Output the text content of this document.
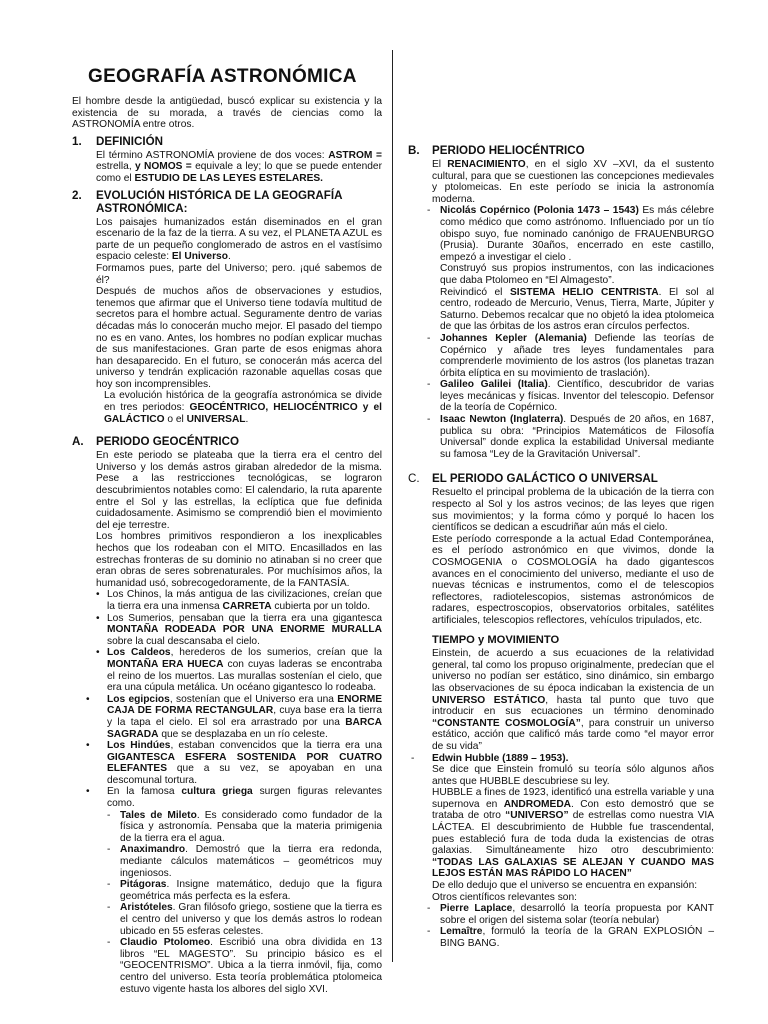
GEOGRAFÍA ASTRONÓMICA

El hombre desde la antigüedad, buscó explicar su existencia y la existencia de su morada, a través de ciencias como la ASTRONOMÍA entre otros.

1.	DEFINICIÓN

El término ASTRONOMÍA proviene de dos voces: ASTROM = estrella, y NOMOS = equivale a ley; lo que se puede entender como el ESTUDIO DE LAS LEYES ESTELARES.

2.	EVOLUCIÓN HISTÓRICA DE LA GEOGRAFÍA ASTRONÓMICA:

Los paisajes humanizados están diseminados en el gran escenario de la faz de la tierra. A su vez, el PLANETA AZUL es parte de un pequeño conglomerado de astros en el vastísimo espacio celeste: El Universo.

Formamos pues, parte del Universo; pero. ¡qué sabemos de él?

Después de muchos años de observaciones y estudios, tenemos que afirmar que el Universo tiene todavía multitud de secretos para el hombre actual. Seguramente dentro de varias décadas más lo conocerán mucho mejor. El pasado del tiempo no es en vano. Antes, los hombres no podían explicar muchas de sus manifestaciones. Gran parte de esos enigmas ahora han desaparecido. En el futuro, se conocerán más acerca del universo y tendrán explicación razonable aquellas cosas que hoy son incomprensibles.

La evolución histórica de la geografía astronómica se divide en tres periodos: GEOCÉNTRICO, HELIOCÉNTRICO y el GALÁCTICO o el UNIVERSAL.

A.	PERIODO GEOCÉNTRICO

En este periodo se plateaba que la tierra era el centro del Universo y los demás astros giraban alrededor de la misma. Pese a las restricciones tecnológicas, se lograron descubrimientos notables como: El calendario, la ruta aparente entre el Sol y las estrellas, la eclíptica que fue definida cuidadosamente. Asimismo se comprendió bien el movimiento del eje terrestre.

Los hombres primitivos respondieron a los inexplicables hechos que los rodeaban con el MITO. Encasillados en las estrechas fronteras de su dominio no atinaban si no creer que eran obras de seres sobrenaturales. Por muchísimos años, la humanidad usó, sobrecogedoramente, de la FANTASÍA.

• Los Chinos, la más antigua de las civilizaciones, creían que la tierra era una inmensa CARRETA cubierta por un toldo.
• Los Sumerios, pensaban que la tierra era una gigantesca MONTAÑA RODEADA POR UNA ENORME MURALLA sobre la cual descansaba el cielo.
• Los Caldeos, herederos de los sumerios, creían que la MONTAÑA ERA HUECA con cuyas laderas se encontraba el reino de los muertos. Las murallas sostenían el cielo, que era una cúpula metálica. Un océano gigantesco lo rodeaba.
• Los egipcios, sostenían que el Universo era una ENORME CAJA DE FORMA RECTANGULAR, cuya base era la tierra y la tapa el cielo. El sol era arrastrado por una BARCA SAGRADA que se desplazaba en un río celeste.
• Los Hindúes, estaban convencidos que la tierra era una GIGANTESCA ESFERA SOSTENIDA POR CUATRO ELEFANTES que a su vez, se apoyaban en una descomunal tortura.
• En la famosa cultura griega surgen figuras relevantes como.
- Tales de Mileto. Es considerado como fundador de la física y astronomía. Pensaba que la materia primigenia de la tierra era el agua.
- Anaximandro. Demostró que la tierra era redonda, mediante cálculos matemáticos – geométricos muy ingeniosos.
- Pitágoras. Insigne matemático, dedujo que la figura geométrica más perfecta es la esfera.
- Aristóteles. Gran filósofo griego, sostiene que la tierra es el centro del universo y que los demás astros lo rodean ubicado en 55 esferas celestes.
- Claudio Ptolomeo. Escribió una obra dividida en 13 libros “EL MAGESTO”. Su principio básico es el “GEOCENTRISMO”. Ubica a la tierra inmóvil, fija, como centro del universo. Esta teoría problemática ptolomeica estuvo vigente hasta los albores del siglo XVI.
B.	PERIODO HELIOCÉNTRICO

El RENACIMIENTO, en el siglo XV –XVI, da el sustento cultural, para que se cuestionen las concepciones medievales y ptolomeicas. En este período se inicia la astronomía moderna.

- Nicolás Copérnico (Polonia 1473 – 1543) Es más célebre como médico que como astrónomo. Influenciado por un tío obispo suyo, fue nominado canónigo de FRAUENBURGO (Prusia). Durante 30años, encerrado en este castillo, empezó a investigar el cielo .
Construyó sus propios instrumentos, con las indicaciones que daba Ptolomeo en “El Almagesto”.
Reivindicó el SISTEMA HELIO CENTRISTA. El sol al centro, rodeado de Mercurio, Venus, Tierra, Marte, Júpiter y Saturno. Debemos recalcar que no objetó la idea ptolomeica de que las órbitas de los astros eran círculos perfectos.
- Johannes Kepler (Alemania) Defiende las teorías de Copérnico y añade tres leyes fundamentales para comprenderle movimiento de los astros (los planetas trazan órbita elíptica en su movimiento de traslación).
- Galileo Galilei (Italia). Científico, descubridor de varias leyes mecánicas y físicas. Inventor del telescopio. Defensor de la teoría de Copérnico.
- Isaac Newton (Inglaterra). Después de 20 años, en 1687, publica su obra: “Principios Matemáticos de Filosofía Universal” donde explica la estabilidad Universal mediante su famosa “Ley de la Gravitación Universal”.
C.	EL PERIODO GALÁCTICO O UNIVERSAL

Resuelto el principal problema de la ubicación de la tierra con respecto al Sol y los astros vecinos; de las leyes que rigen sus movimientos; y la forma cómo y porqué lo hacen los científicos se dedican a escudriñar aún más el cielo.

Este período corresponde a la actual Edad Contemporánea, es el período astronómico en que vivimos, donde la COSMOGENIA o COSMOLOGÍA ha dado gigantescos avances en el conocimiento del universo, mediante el uso de nuevas técnicas e instrumentos, como el de telescopios reflectores, radiotelescopios, sistemas astronómicos de radares, espectroscopios, observatorios orbitales, satélites artificiales, telescopios reflectores, vehículos tripulados, etc.

TIEMPO y MOVIMIENTO

Einstein, de acuerdo a sus ecuaciones de la relatividad general, tal como los propuso originalmente, predecían que el universo no podían ser estático, sino dinámico, sin embargo las observaciones de su época indicaban la existencia de un UNIVERSO ESTÁTICO, hasta tal punto que tuvo que introducir en sus ecuaciones un término denominado “CONSTANTE COSMOLOGÍA”, para construir un universo estático, acción que calificó más tarde como “el mayor error de su vida”

- Edwin Hubble (1889 – 1953).
Se dice que Einstein fromuló su teoría sólo algunos años antes que HUBBLE descubriese su ley.
HUBBLE a fines de 1923, identificó una estrella variable y una supernova en ANDROMEDA. Con esto demostró que se trataba de otro “UNIVERSO” de estrellas como nuestra VIA LÁCTEA. El descubrimiento de Hubble fue trascendental, pues estableció fura de toda duda la existencias de otras galaxias. Simultáneamente hizo otro descubrimiento: “TODAS LAS GALAXIAS SE ALEJAN Y CUANDO MAS LEJOS ESTÁN MAS RÁPIDO LO HACEN”
De ello dedujo que el universo se encuentra en expansión:
Otros científicos relevantes son:
- Pierre Laplace, desarrolló la teoría propuesta por KANT sobre el origen del sistema solar (teoría nebular)
- Lemaître, formuló la teoría de la GRAN EXPLOSIÓN – BING BANG.
